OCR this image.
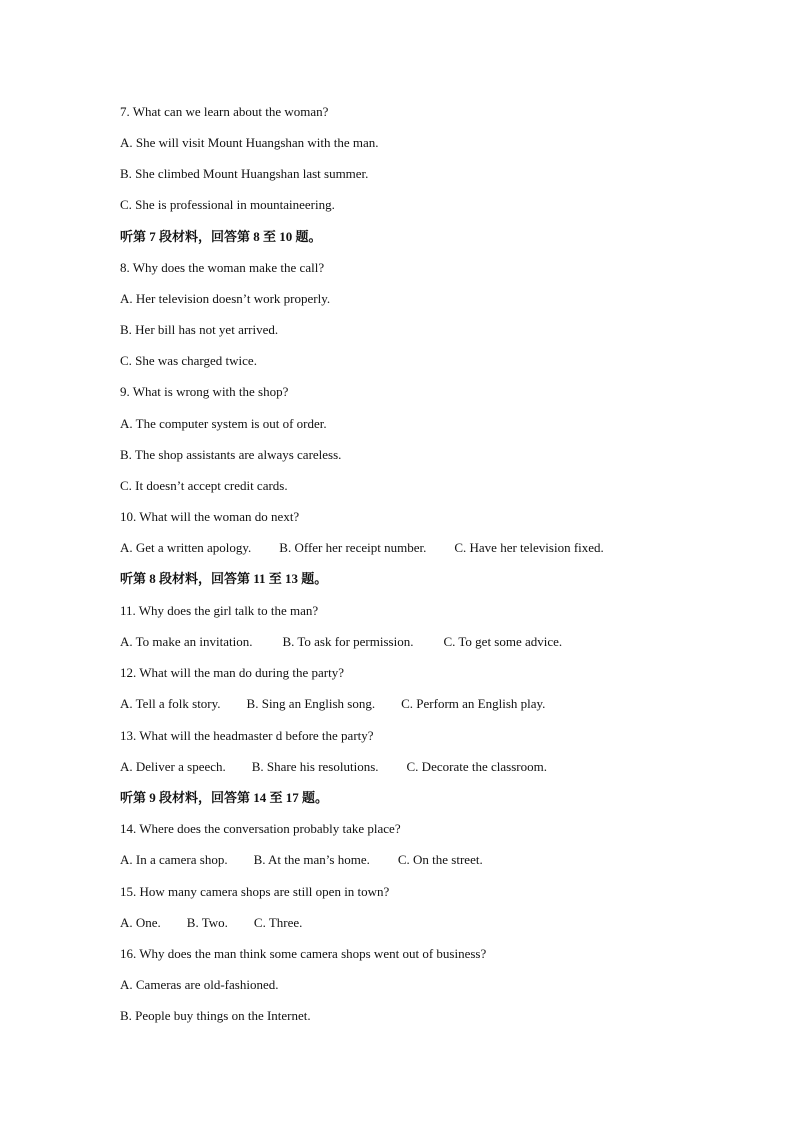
7. What can we learn about the woman?
A. She will visit Mount Huangshan with the man.
B. She climbed Mount Huangshan last summer.
C. She is professional in mountaineering.
听第 7 段材料，回答第 8 至 10 题。
8. Why does the woman make the call?
A. Her television doesn’t work properly.
B. Her bill has not yet arrived.
C. She was charged twice.
9. What is wrong with the shop?
A. The computer system is out of order.
B. The shop assistants are always careless.
C. It doesn’t accept credit cards.
10. What will the woman do next?
A. Get a written apology. B. Offer her receipt number. C. Have her television fixed.
听第 8 段材料，回答第 11 至 13 题。
11. Why does the girl talk to the man?
A. To make an invitation. B. To ask for permission. C. To get some advice.
12. What will the man do during the party?
A. Tell a folk story. B. Sing an English song. C. Perform an English play.
13. What will the headmaster d before the party?
A. Deliver a speech. B. Share his resolutions. C. Decorate the classroom.
听第 9 段材料，回答第 14 至 17 题。
14. Where does the conversation probably take place?
A. In a camera shop. B. At the man’s home. C. On the street.
15. How many camera shops are still open in town?
A. One. B. Two. C. Three.
16. Why does the man think some camera shops went out of business?
A. Cameras are old-fashioned.
B. People buy things on the Internet.
